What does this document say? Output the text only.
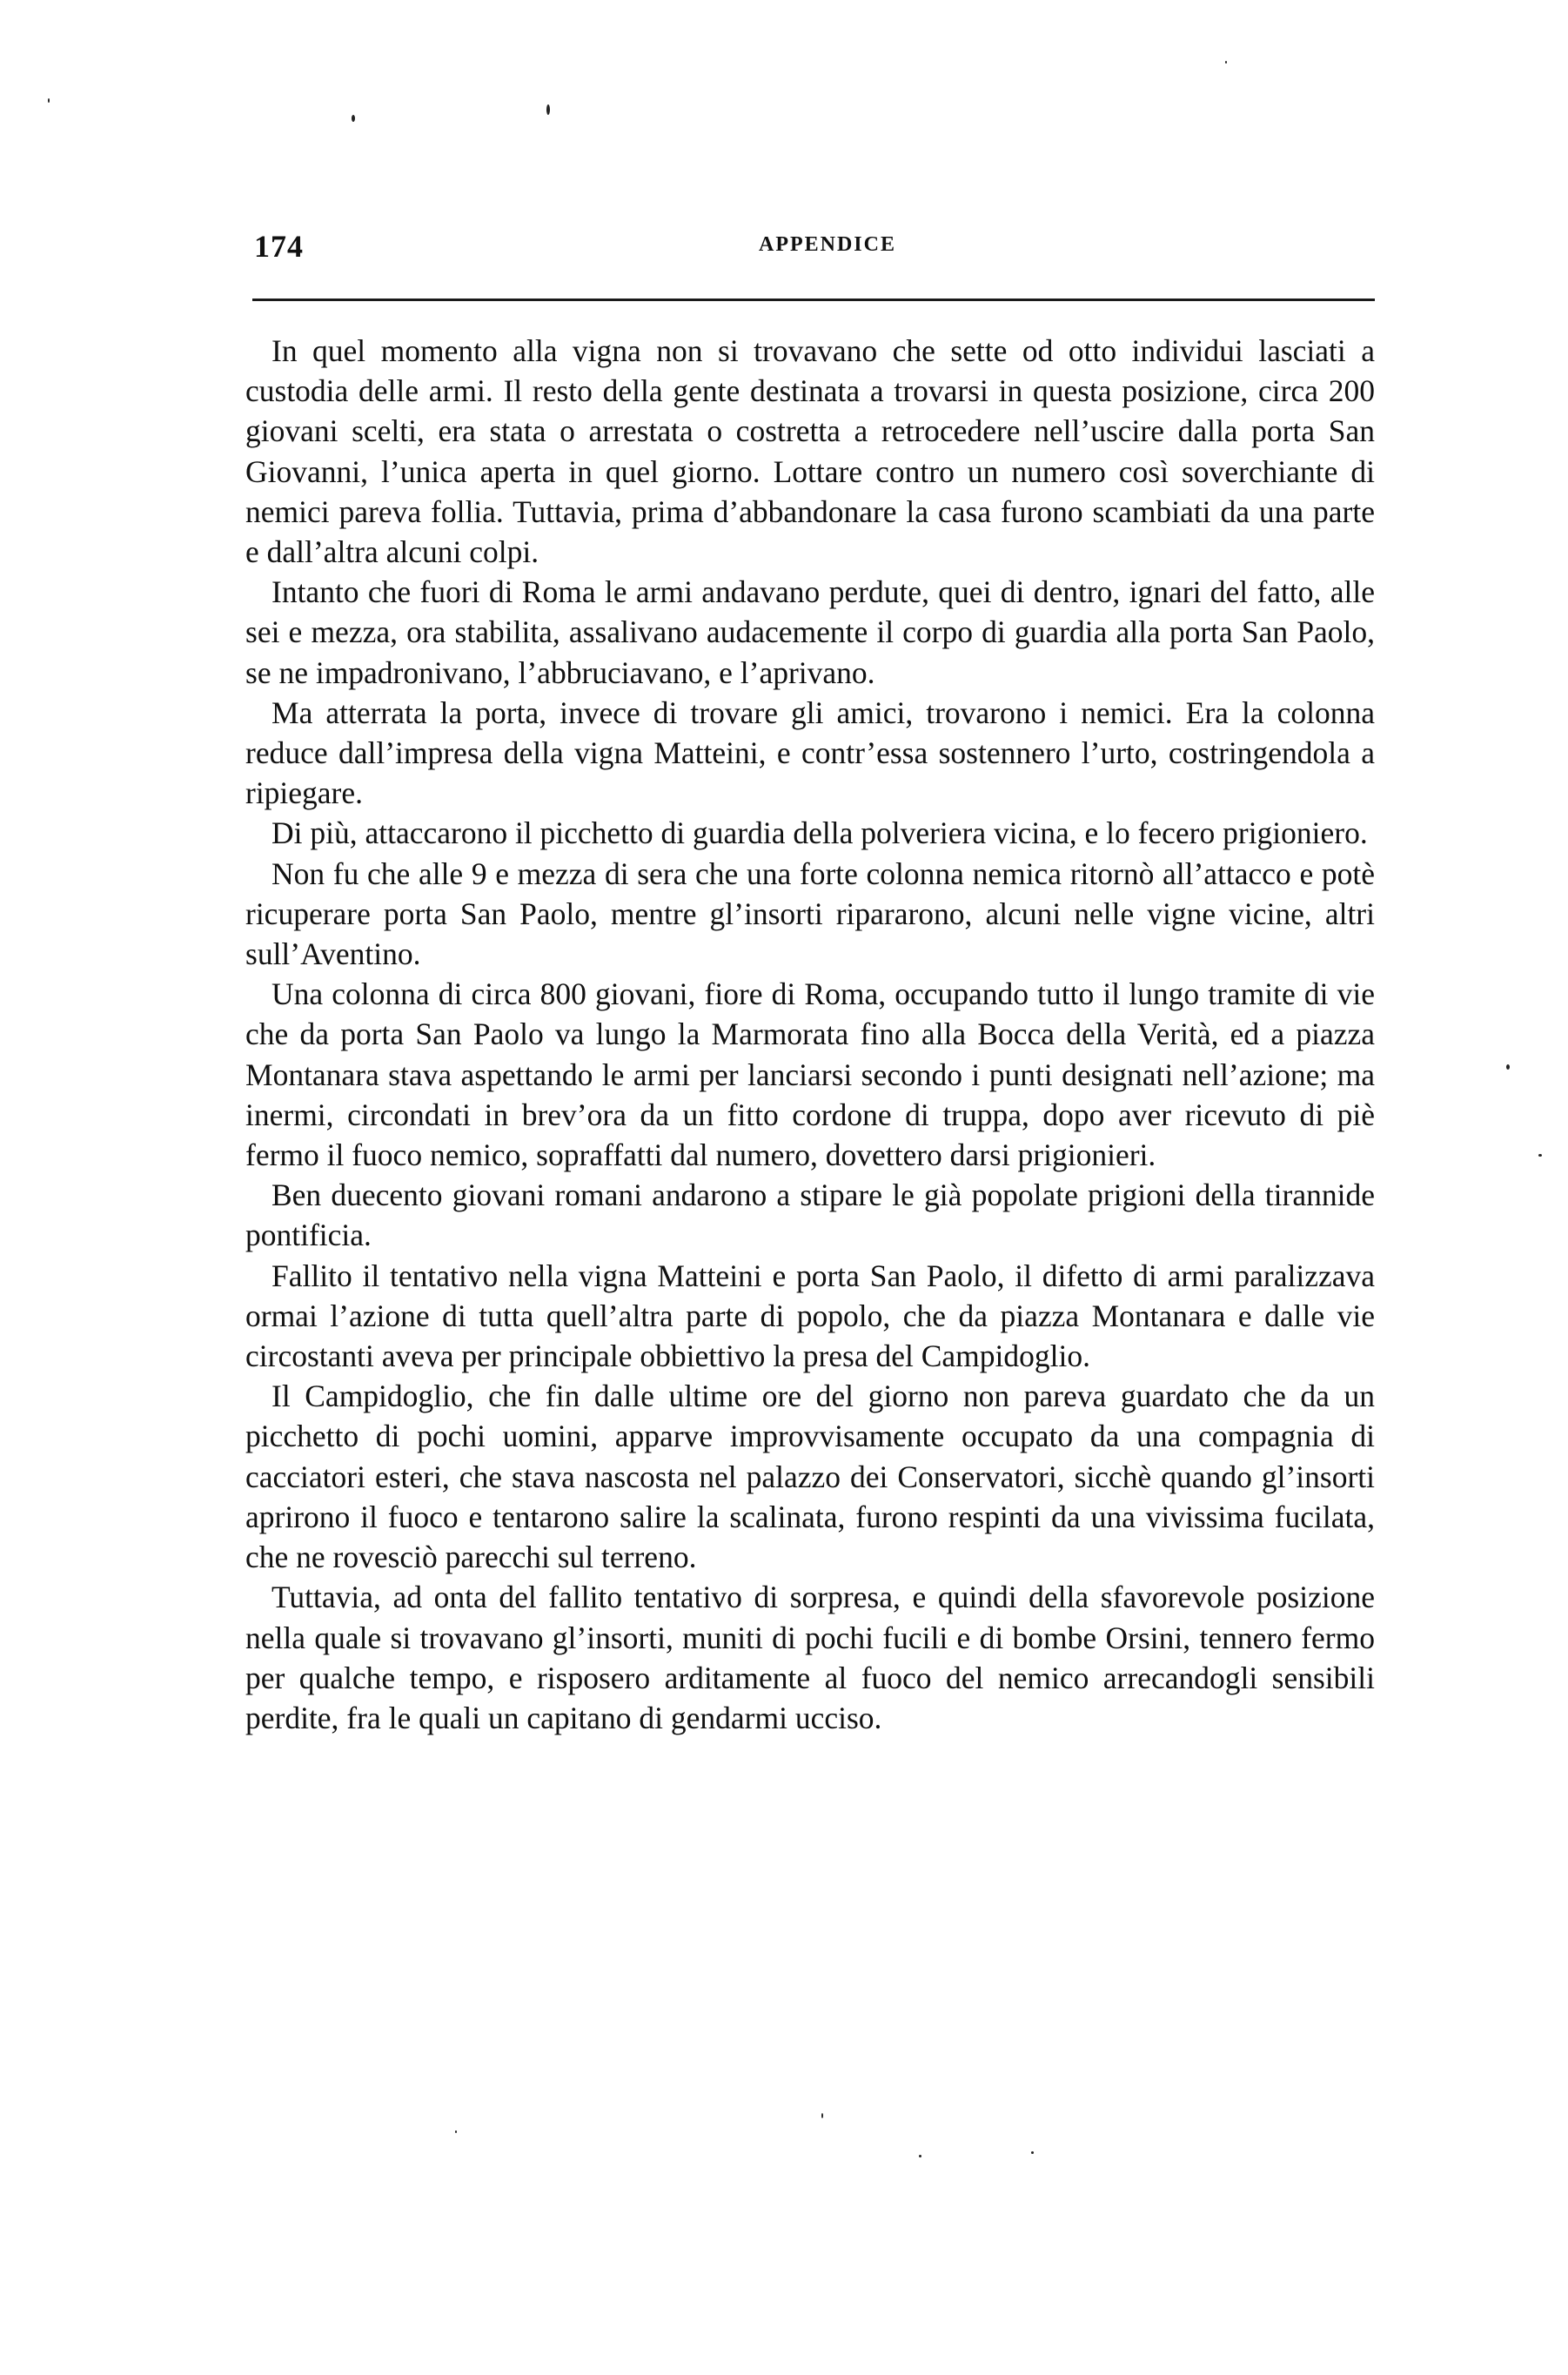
174	APPENDICE

In quel momento alla vigna non si trovavano che sette od otto individui lasciati a custodia delle armi. Il resto della gente destinata a trovarsi in questa posizione, circa 200 giovani scelti, era stata o arrestata o costretta a retrocedere nell’uscire dalla porta San Giovanni, l’unica aperta in quel giorno. Lottare contro un numero così soverchiante di nemici pareva follia. Tuttavia, prima d’abbandonare la casa furono scambiati da una parte e dall’altra alcuni colpi.

Intanto che fuori di Roma le armi andavano perdute, quei di dentro, ignari del fatto, alle sei e mezza, ora stabilita, assalivano audacemente il corpo di guardia alla porta San Paolo, se ne impadronivano, l’abbruciavano, e l’aprivano.

Ma atterrata la porta, invece di trovare gli amici, trovarono i nemici. Era la colonna reduce dall’impresa della vigna Matteini, e contr’essa sostennero l’urto, costringendola a ripiegare.

Di più, attaccarono il picchetto di guardia della polveriera vicina, e lo fecero prigioniero.

Non fu che alle 9 e mezza di sera che una forte colonna nemica ritornò all’attacco e potè ricuperare porta San Paolo, mentre gl’insorti ripararono, alcuni nelle vigne vicine, altri sull’Aventino.

Una colonna di circa 800 giovani, fiore di Roma, occupando tutto il lungo tramite di vie che da porta San Paolo va lungo la Marmorata fino alla Bocca della Verità, ed a piazza Montanara stava aspettando le armi per lanciarsi secondo i punti designati nell’azione; ma inermi, circondati in brev’ora da un fitto cordone di truppa, dopo aver ricevuto di piè fermo il fuoco nemico, sopraffatti dal numero, dovettero darsi prigionieri.

Ben duecento giovani romani andarono a stipare le già popolate prigioni della tirannide pontificia.

Fallito il tentativo nella vigna Matteini e porta San Paolo, il difetto di armi paralizzava ormai l’azione di tutta quell’altra parte di popolo, che da piazza Montanara e dalle vie circostanti aveva per principale obbiettivo la presa del Campidoglio.

Il Campidoglio, che fin dalle ultime ore del giorno non pareva guardato che da un picchetto di pochi uomini, apparve improvvisamente occupato da una compagnia di cacciatori esteri, che stava nascosta nel palazzo dei Conservatori, sicchè quando gl’insorti aprirono il fuoco e tentarono salire la scalinata, furono respinti da una vivissima fucilata, che ne rovesciò parecchi sul terreno.

Tuttavia, ad onta del fallito tentativo di sorpresa, e quindi della sfavorevole posizione nella quale si trovavano gl’insorti, muniti di pochi fucili e di bombe Orsini, tennero fermo per qualche tempo, e risposero arditamente al fuoco del nemico arrecandogli sensibili perdite, fra le quali un capitano di gendarmi ucciso.
